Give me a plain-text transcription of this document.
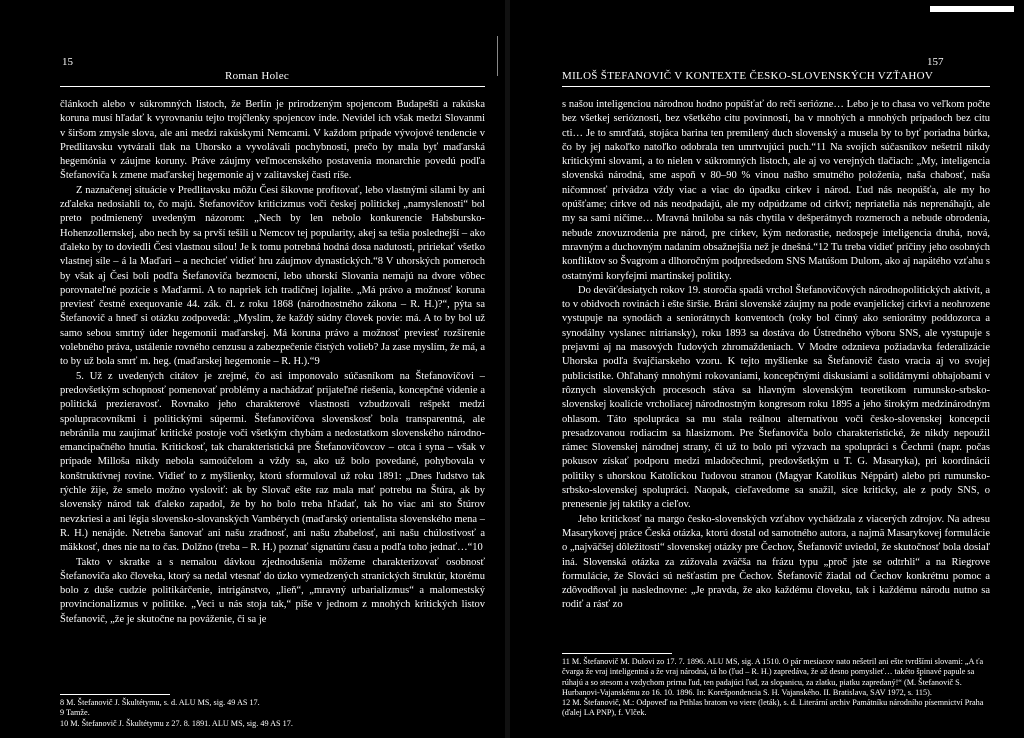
15
Roman Holec

článkoch alebo v súkromných listoch, že Berlín je prirodzeným spojencom Budapešti a rakúska koruna musí hľadať k vyrovnaniu tejto trojčlenky spojencov inde. Nevidel ich však medzi Slovanmi v širšom zmysle slova, ale ani medzi rakúskymi Nemcami. V každom prípade vývojové tendencie v Predlitavsku vytvárali tlak na Uhorsko a vyvolávali pochybnosti, prečo by mala byť maďarská hegemónia v záujme koruny. Práve záujmy veľmocenského postavenia monarchie povedú podľa Štefanoviča k zmene maďarskej hegemonie aj v zalitavskej časti ríše.

Z naznačenej situácie v Predlitavsku môžu Česi šikovne profitovať, lebo vlastnými silami by ani zďaleka nedosiahli to, čo majú. Štefanovičov kriticizmus voči českej politickej „namyslenosti“ bol preto podmienený uvedeným názorom: „Nech by len nebolo konkurencie Habsbursko-Hohenzollernskej, abo nech by sa prvší tešili u Nemcov tej popularity, akej sa tešia poslednejší – ako ďaleko by to doviedli Česi vlastnou silou! Je k tomu potrebná hodná dosa nadutosti, pririekať všetko vlastnej síle – á la Maďari – a nechcieť vidieť hru záujmov dynastických.“8 V uhorských pomeroch by však aj Česi boli podľa Štefanoviča bezmocní, lebo uhorskí Slovania nemajú na dvore vôbec porovnateľné pozície s Maďarmi. A to napriek ich tradičnej lojalite. „Má právo a možnosť koruna previesť čestné exequovanie 44. zák. čl. z roku 1868 (národnostného zákona – R. H.)?“, pýta sa Štefanovič a hneď si otázku zodpovedá: „Myslím, že každý súdny človek povie: má. A to by bol už samo sebou smrtný úder hegemonii maďarskej. Má koruna právo a možnosť previesť rozšírenie volebného práva, ustálenie rovného cenzusu a zabezpečenie čistých volieb? Ja zase myslím, že má, a to by už bola smrť m. heg. (maďarskej hegemonie – R. H.).“9

5. Už z uvedených citátov je zrejmé, čo asi imponovalo súčasníkom na Štefanovičovi – predovšetkým schopnosť pomenovať problémy a nachádzať prijateľné riešenia, koncepčné videnie a politická prezieravosť. Rovnako jeho charakterové vlastnosti vzbudzovali rešpekt medzi spolupracovníkmi i politickými súpermi. Štefanovičova slovenskosť bola transparentná, ale nebránila mu zaujímať kritické postoje voči všetkým chybám a nedostatkom slovenského národno-emancipačného hnutia. Kritickosť, tak charakteristická pre Štefanovičovcov – otca i syna – však v prípade Milloša nikdy nebola samoúčelom a vždy sa, ako už bolo povedané, pohybovala v konštruktívnej rovine. Vidieť to z myšlienky, ktorú sformuloval už roku 1891: „Dnes ľudstvo tak rýchle žije, že smelo možno vysloviť: ak by Slovač ešte raz mala mať potrebu na Štúra, ak by slovenský národ tak ďaleko zapadol, že by ho bolo treba hľadať, tak ho viac ani sto Štúrov nevzkriesi a ani légia slovensko-slovanských Vambérych (maďarský orientalista slovenského mena – R. H.) nenájde. Netreba šanovať ani našu zradnosť, ani našu zbabelosť, ani našu chúlostivosť a mäkkosť, dnes nie na to čas. Dolžno (treba – R. H.) poznať signatúru času a podľa toho jednať…“10

Takto v skratke a s nemalou dávkou zjednodušenia môžeme charakterizovať osobnosť Štefanoviča ako človeka, ktorý sa nedal vtesnať do úzko vymedzených stranických štruktúr, ktorému bolo z duše cudzie politikárčenie, intrigánstvo, „lieň“, „mravný urbarializmus“ a malomestský provincionalizmus v politike. „Veci u nás stoja tak,“ píše v jednom z mnohých kritických listov Štefanovič, „že je skutočne na pováženie, či sa je

8 M. Štefanovič J. Škultétymu, s. d. ALU MS, sig. 49 AS 17.

9 Tamže.

10 M. Štefanovič J. Škultétymu z 27. 8. 1891. ALU MS, sig. 49 AS 17.

157
MILOŠ ŠTEFANOVIČ V KONTEXTE ČESKO-SLOVENSKÝCH VZŤAHOV

s našou inteligenciou národnou hodno popúšťať do reči seriózne… Lebo je to chasa vo veľkom počte bez všetkej serióznosti, bez všetkého citu povinnosti, ba v mnohých a mnohých prípadoch bez citu cti… Je to smrďatá, stojáca barina ten premilený duch slovenský a musela by to byť poriadna búrka, čo by jej nakoľko natoľko odobrala ten umrtvujúci puch.“11 Na svojich súčasníkov nešetril nikdy kritickými slovami, a to nielen v súkromných listoch, ale aj vo verejných tlačiach: „My, inteligencia slovenská národná, sme aspoň v 80–90 % vinou našho smutného položenia, naša chabosť, naša ničomnosť privádza vždy viac a viac do úpadku církev i národ. Ľud nás neopúšťa, ale my ho opúšťame; cirkve od nás neodpadajú, ale my odpúdzame od cirkví; nepriatelia nás neprenáhajú, ale my sa sami ničíme… Mravná hniloba sa nás chytila v dešperátnych rozmeroch a nebude obrodenia, nebude znovuzrodenia pre národ, pre církev, kým nedorastie, nedospeje inteligencia druhá, nová, mravným a duchovným nadaním obsažnejšia než je dnešná.“12 Tu treba vidieť príčiny jeho osobných konfliktov so Švagrom a dlhoročným podpredsedom SNS Matúšom Dulom, ako aj napätého vzťahu s ostatnými koryfejmi martinskej politiky.

Do deväťdesiatych rokov 19. storočia spadá vrchol Štefanovičových národnopolitických aktivít, a to v obidvoch rovinách i ešte širšie. Bráni slovenské záujmy na pode evanjelickej cirkvi a neohrozene vystupuje na synodách a seniorátnych konventoch (roky bol činný ako seniorátny poddozorca a synodálny vyslanec nitriansky), roku 1893 sa dostáva do Ústredného výboru SNS, ale vystupuje s prejavmi aj na masových ľudových zhromaždeniach. V Modre odznieva požiadavka federalizácie Uhorska podľa švajčiarskeho vzoru. K tejto myšlienke sa Štefanovič často vracia aj vo svojej publicistike. Ohľahaný mnohými rokovaniami, koncepčnými diskusiami a solidárnymi obhajobami v rôznych slovenských procesoch stáva sa hlavným slovenským teoretikom rumunsko-srbsko-slovenskej koalície vrcholiacej národnostným kongresom roku 1895 a jeho širokým medzinárodným ohlasom. Táto spolupráca sa mu stala reálnou alternatívou voči česko-slovenskej koncepcii presadzovanou rodiacim sa hlasizmom. Pre Štefanoviča bolo charakteristické, že nikdy nepoužil rámec Slovenskej národnej strany, či už to bolo pri výzvach na spolupráci s Čechmi (napr. počas pokusov získať podporu medzi mladočechmi, predovšetkým u T. G. Masaryka), pri koordinácii politiky s uhorskou Katolíckou ľudovou stranou (Magyar Katolikus Néppárt) alebo pri rumunsko-srbsko-slovenskej spolupráci. Naopak, cieľavedome sa snažil, sice kriticky, ale z pody SNS, o prenesenie jej taktiky a cieľov.

Jeho kritickosť na margo česko-slovenských vzťahov vychádzala z viacerých zdrojov. Na adresu Masarykovej práce Česká otázka, ktorú dostal od samotného autora, a najmä Masarykovej formulácie o „najväčšej dôležitosti“ slovenskej otázky pre Čechov, Štefanovič uviedol, že skutočnosť bola dosiaľ iná. Slovenská otázka za zúžovala zväčša na frázu typu „proč jste se odtrhli“ a na Riegrove formulácie, že Slováci sú nešťastím pre Čechov. Štefanovič žiadal od Čechov konkrétnu pomoc a zdôvodňoval ju naslednovne: „Je pravda, že ako každému človeku, tak i každému národu nutno sa rodiť a rásť zo

11 M. Štefanovič M. Dulovi zo 17. 7. 1896. ALU MS, sig. A 1510. O pár mesiacov nato nešetril ani ešte tvrdšími slovami: „A ťa čvarga že vraj inteligentná a že vraj národná, tá ho (ľud – R. H.) zapredáva, že až desno pomyslieť… takéto špinavé papule sa rúhajú a so stesom a vzdychom prirna ľud, ten padajúci ľud, za slopanicu, za zlatku, piatku zapredaný!“ (M. Štefanovič S. Hurbanovi-Vajanskému zo 16. 10. 1896. In: Korešpondencia S. H. Vajanského. II. Bratislava, SAV 1972, s. 115).

12 M. Štefanovič, M.: Odpoveď na Prihlas bratom vo viere (leták), s. d. Literární archiv Památníku národního písemnictví Praha (ďalej LA PNP), f. Vlček.
